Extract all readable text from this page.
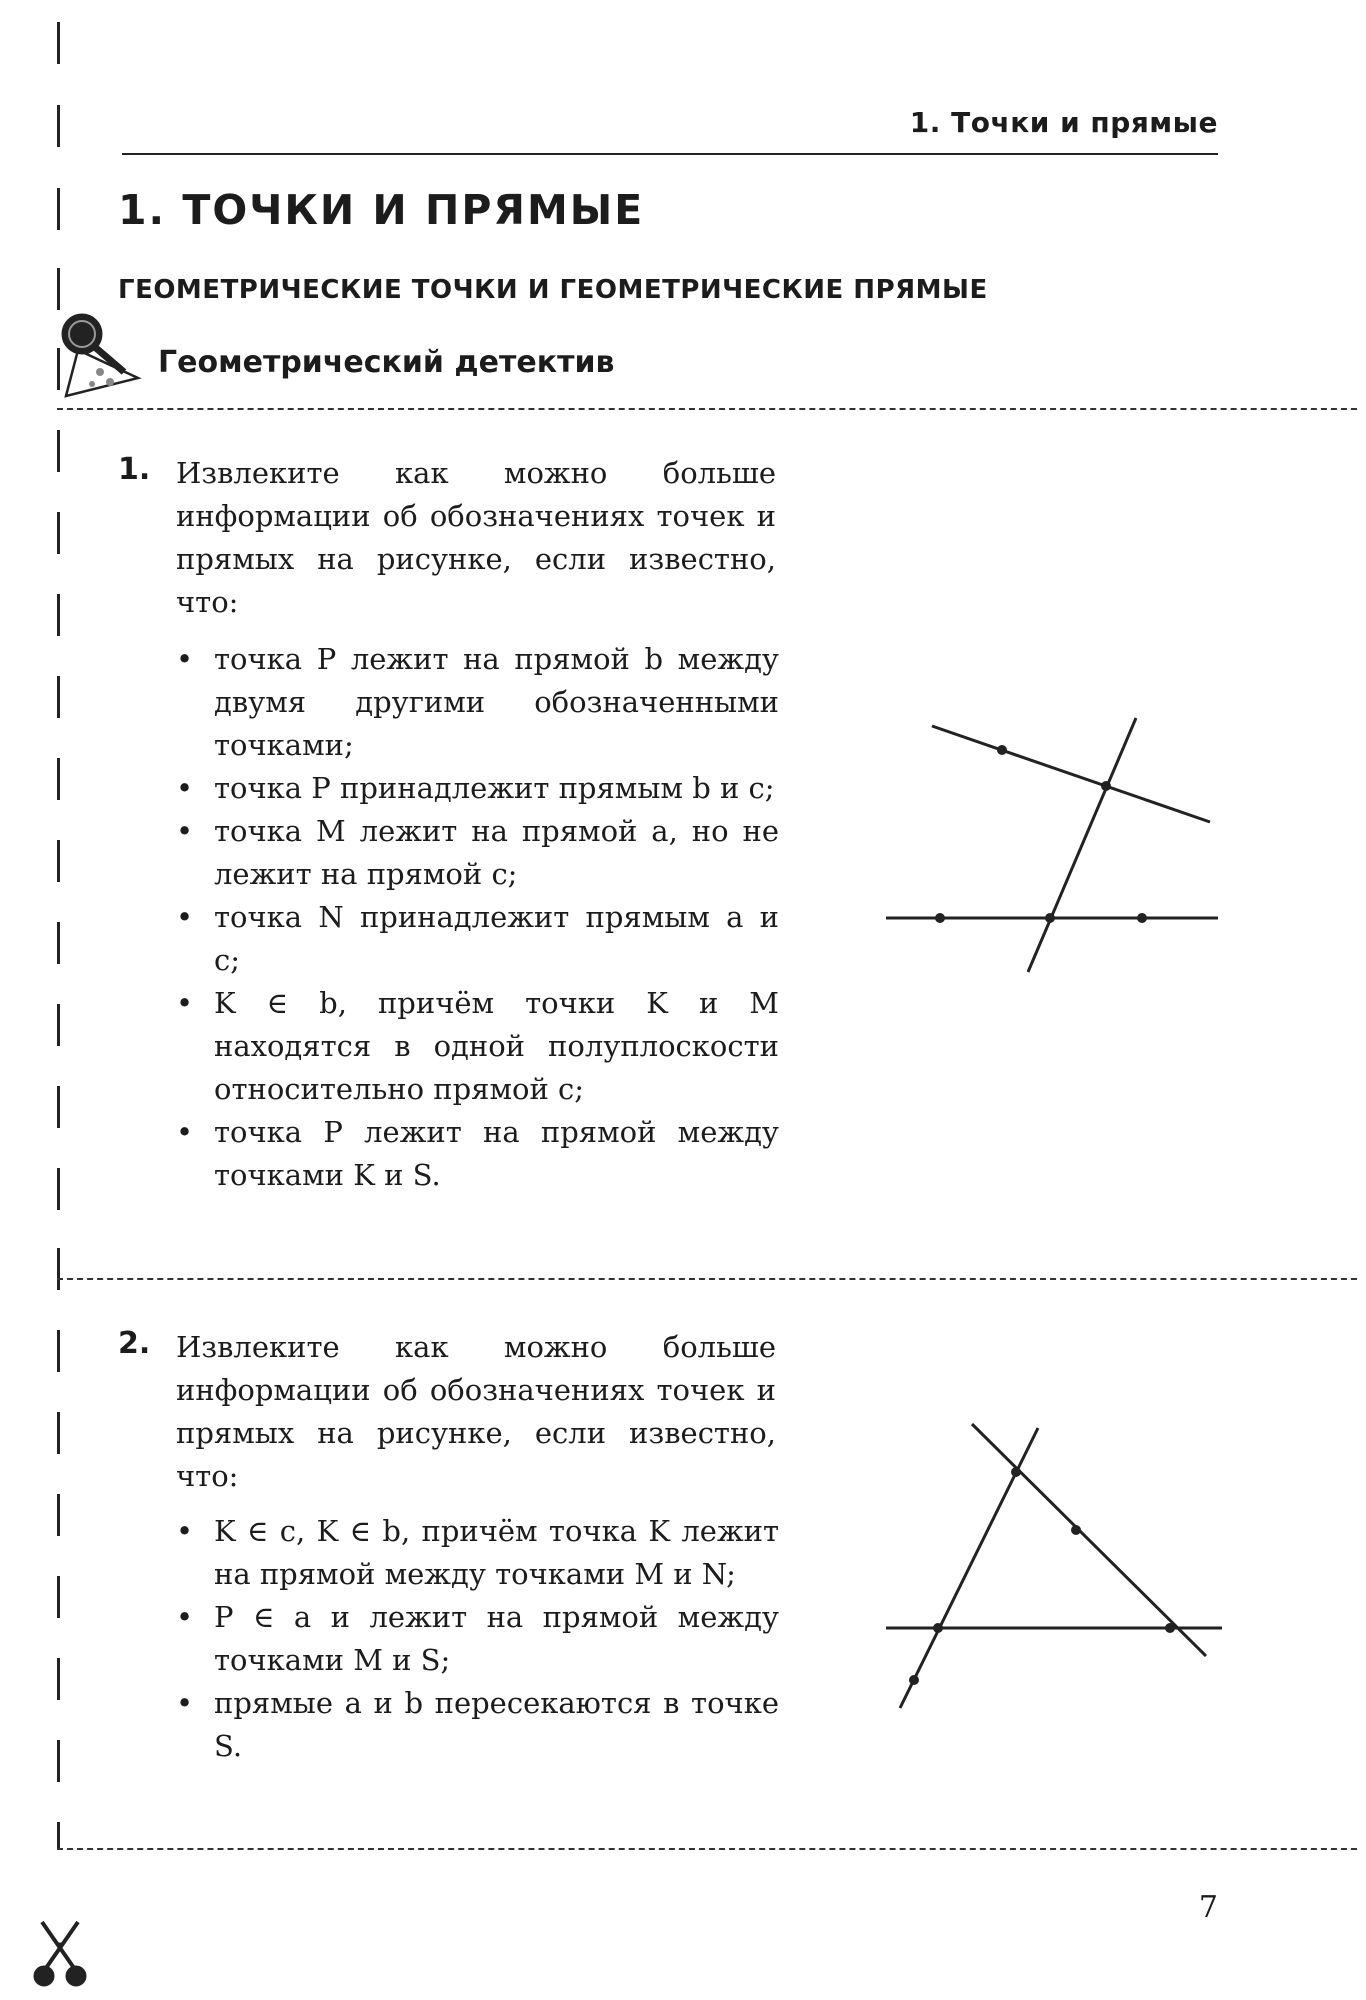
1. Точки и прямые
1. ТОЧКИ И ПРЯМЫЕ
ГЕОМЕТРИЧЕСКИЕ ТОЧКИ И ГЕОМЕТРИЧЕСКИЕ ПРЯМЫЕ
Геометрический детектив
1. Извлеките как можно больше информации об обозначениях точек и прямых на рисунке, если известно, что:
• точка P лежит на прямой b между двумя другими обозначенными точками;
• точка P принадлежит прямым b и c;
• точка M лежит на прямой a, но не лежит на прямой c;
• точка N принадлежит прямым a и c;
• K ∈ b, причём точки K и M находятся в одной полуплоскости относительно прямой c;
• точка P лежит на прямой между точками K и S.
2. Извлеките как можно больше информации об обозначениях точек и прямых на рисунке, если известно, что:
• K ∈ c, K ∈ b, причём точка K лежит на прямой между точками M и N;
• P ∈ a и лежит на прямой между точками M и S;
• прямые a и b пересекаются в точке S.
7
